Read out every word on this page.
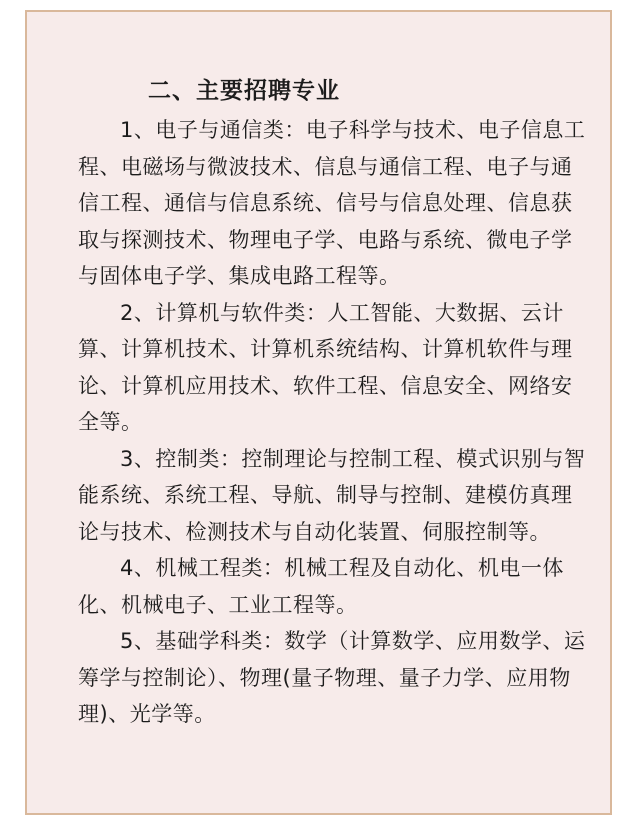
二、主要招聘专业

1、电子与通信类：电子科学与技术、电子信息工程、电磁场与微波技术、信息与通信工程、电子与通信工程、通信与信息系统、信号与信息处理、信息获取与探测技术、物理电子学、电路与系统、微电子学与固体电子学、集成电路工程等。

2、计算机与软件类：人工智能、大数据、云计算、计算机技术、计算机系统结构、计算机软件与理论、计算机应用技术、软件工程、信息安全、网络安全等。

3、控制类：控制理论与控制工程、模式识别与智能系统、系统工程、导航、制导与控制、建模仿真理论与技术、检测技术与自动化装置、伺服控制等。

4、机械工程类：机械工程及自动化、机电一体化、机械电子、工业工程等。

5、基础学科类：数学（计算数学、应用数学、运筹学与控制论）、物理(量子物理、量子力学、应用物理)、光学等。
